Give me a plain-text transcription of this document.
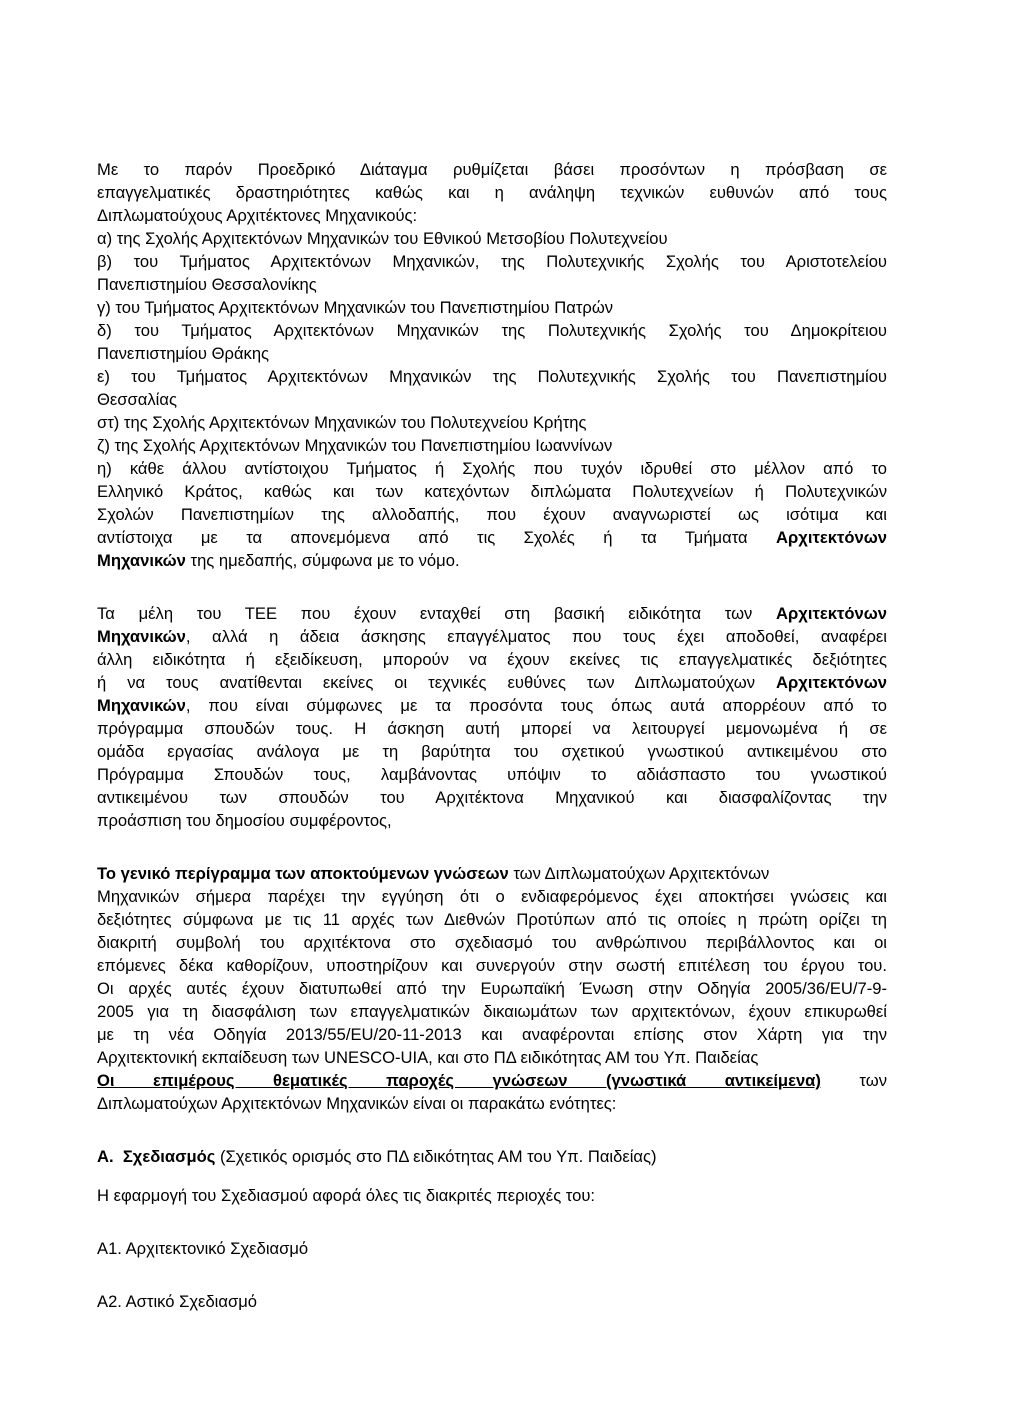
Με το παρόν Προεδρικό Διάταγμα ρυθμίζεται βάσει προσόντων η πρόσβαση σε
επαγγελματικές δραστηριότητες καθώς και η ανάληψη τεχνικών ευθυνών από τους
Διπλωματούχους Αρχιτέκτονες Μηχανικούς:
α) της Σχολής Αρχιτεκτόνων Μηχανικών του Εθνικού Μετσοβίου Πολυτεχνείου
β) του Τμήματος Αρχιτεκτόνων Μηχανικών, της Πολυτεχνικής Σχολής του Αριστοτελείου
Πανεπιστημίου Θεσσαλονίκης
γ) του Τμήματος Αρχιτεκτόνων Μηχανικών του Πανεπιστημίου Πατρών
δ) του Τμήματος Αρχιτεκτόνων Μηχανικών της Πολυτεχνικής Σχολής του Δημοκρίτειου
Πανεπιστημίου Θράκης
ε) του Τμήματος Αρχιτεκτόνων Μηχανικών της Πολυτεχνικής Σχολής του Πανεπιστημίου
Θεσσαλίας
στ) της Σχολής Αρχιτεκτόνων Μηχανικών του Πολυτεχνείου Κρήτης
ζ) της Σχολής Αρχιτεκτόνων Μηχανικών του Πανεπιστημίου Ιωαννίνων
η) κάθε άλλου αντίστοιχου Τμήματος ή Σχολής που τυχόν ιδρυθεί στο μέλλον από το
Ελληνικό Κράτος, καθώς και των κατεχόντων διπλώματα Πολυτεχνείων ή Πολυτεχνικών
Σχολών Πανεπιστημίων της αλλοδαπής, που έχουν αναγνωριστεί ως ισότιμα και
αντίστοιχα με τα απονεμόμενα από τις Σχολές ή τα Τμήματα Αρχιτεκτόνων
Μηχανικών της ημεδαπής, σύμφωνα με το νόμο.

Τα μέλη του ΤΕΕ που έχουν ενταχθεί στη βασική ειδικότητα των Αρχιτεκτόνων
Μηχανικών, αλλά η άδεια άσκησης επαγγέλματος που τους έχει αποδοθεί, αναφέρει
άλλη ειδικότητα ή εξειδίκευση, μπορούν να έχουν εκείνες τις επαγγελματικές δεξιότητες
ή να τους ανατίθενται εκείνες οι τεχνικές ευθύνες των Διπλωματούχων Αρχιτεκτόνων
Μηχανικών, που είναι σύμφωνες με τα προσόντα τους όπως αυτά απορρέουν από το
πρόγραμμα σπουδών τους. Η άσκηση αυτή μπορεί να λειτουργεί μεμονωμένα ή σε
ομάδα εργασίας ανάλογα με τη βαρύτητα του σχετικού γνωστικού αντικειμένου στο
Πρόγραμμα Σπουδών τους, λαμβάνοντας υπόψιν το αδιάσπαστο του γνωστικού
αντικειμένου των σπουδών του Αρχιτέκτονα Μηχανικού και διασφαλίζοντας την
προάσπιση του δημοσίου συμφέροντος,

Το γενικό περίγραμμα των αποκτούμενων γνώσεων των Διπλωματούχων Αρχιτεκτόνων
Μηχανικών σήμερα παρέχει την εγγύηση ότι ο ενδιαφερόμενος έχει αποκτήσει γνώσεις και
δεξιότητες σύμφωνα με τις 11 αρχές των Διεθνών Προτύπων από τις οποίες η πρώτη ορίζει τη
διακριτή συμβολή του αρχιτέκτονα στο σχεδιασμό του ανθρώπινου περιβάλλοντος και οι
επόμενες δέκα καθορίζουν, υποστηρίζουν και συνεργούν στην σωστή επιτέλεση του έργου του.
Οι αρχές αυτές έχουν διατυπωθεί από την Ευρωπαϊκή Ένωση στην Οδηγία 2005/36/EU/7-9-
2005 για τη διασφάλιση των επαγγελματικών δικαιωμάτων των αρχιτεκτόνων, έχουν επικυρωθεί
με τη νέα Οδηγία 2013/55/EU/20-11-2013 και αναφέρονται επίσης στον Χάρτη για την
Αρχιτεκτονική εκπαίδευση των UNESCO-UIA, και στο ΠΔ ειδικότητας ΑΜ του Υπ. Παιδείας
Οι επιμέρους θεματικές παροχές γνώσεων (γνωστικά αντικείμενα) των
Διπλωματούχων Αρχιτεκτόνων Μηχανικών είναι οι παρακάτω ενότητες:

Α. Σχεδιασμός (Σχετικός ορισμός στο ΠΔ ειδικότητας ΑΜ του Υπ. Παιδείας)

Η εφαρμογή του Σχεδιασμού αφορά όλες τις διακριτές περιοχές του:

Α1. Αρχιτεκτονικό Σχεδιασμό

Α2. Αστικό Σχεδιασμό
